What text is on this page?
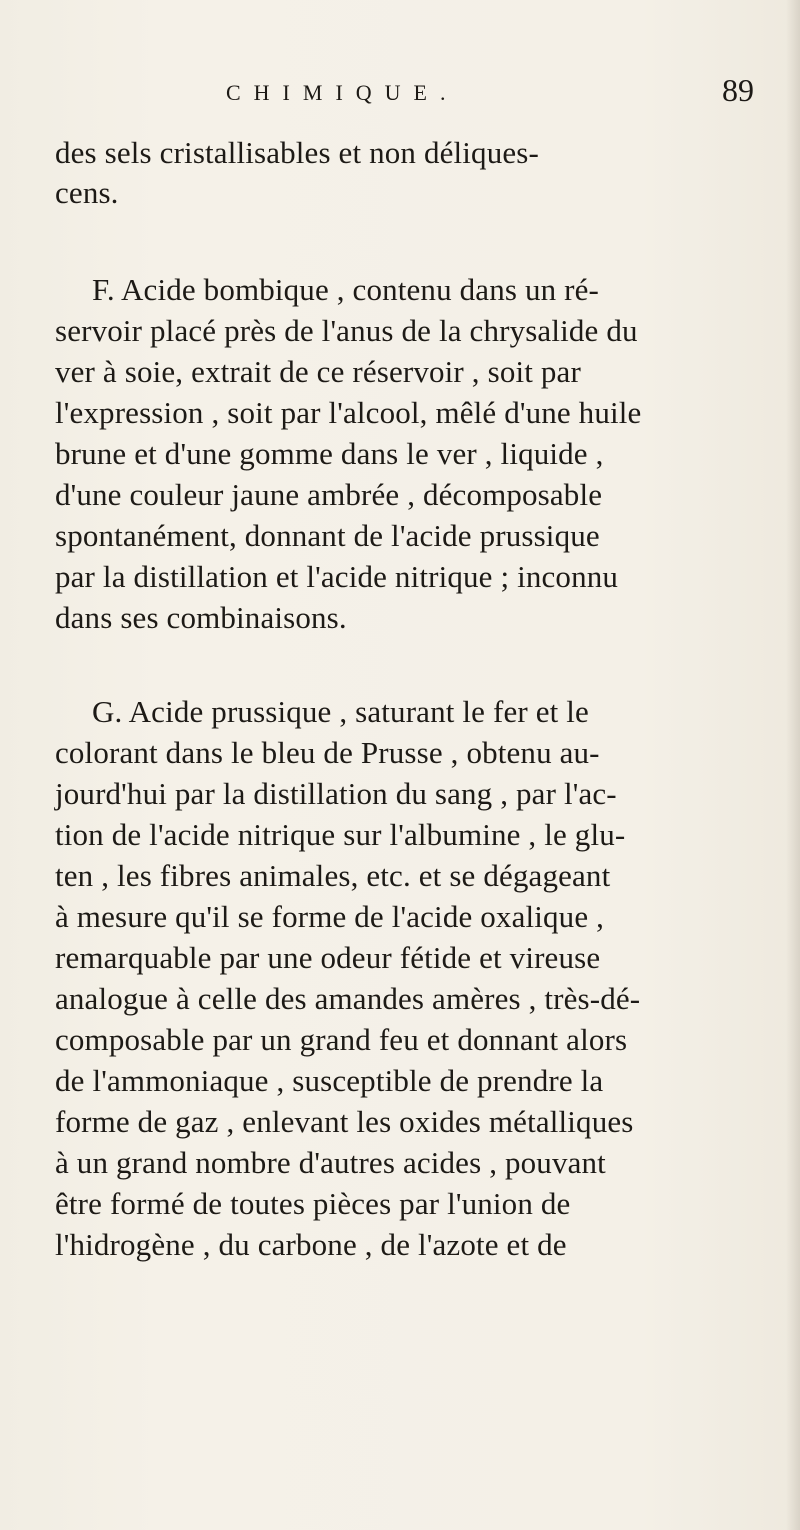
CHIMIQUE.	89
des sels cristallisables et non déliques-
cens.
F. Acide bombique , contenu dans un ré-
servoir placé près de l'anus de la chrysalide du
ver à soie, extrait de ce réservoir , soit par
l'expression , soit par l'alcool, mêlé d'une huile
brune et d'une gomme dans le ver , liquide ,
d'une couleur jaune ambrée , décomposable
spontanément, donnant de l'acide prussique
par la distillation et l'acide nitrique ; inconnu
dans ses combinaisons.
G. Acide prussique , saturant le fer et le
colorant dans le bleu de Prusse , obtenu au-
jourd'hui par la distillation du sang , par l'ac-
tion de l'acide nitrique sur l'albumine , le glu-
ten , les fibres animales, etc. et se dégageant
à mesure qu'il se forme de l'acide oxalique ,
remarquable par une odeur fétide et vireuse
analogue à celle des amandes amères , très-dé-
composable par un grand feu et donnant alors
de l'ammoniaque , susceptible de prendre la
forme de gaz , enlevant les oxides métalliques
à un grand nombre d'autres acides , pouvant
être formé de toutes pièces par l'union de
l'hidrogène , du carbone , de l'azote et de
